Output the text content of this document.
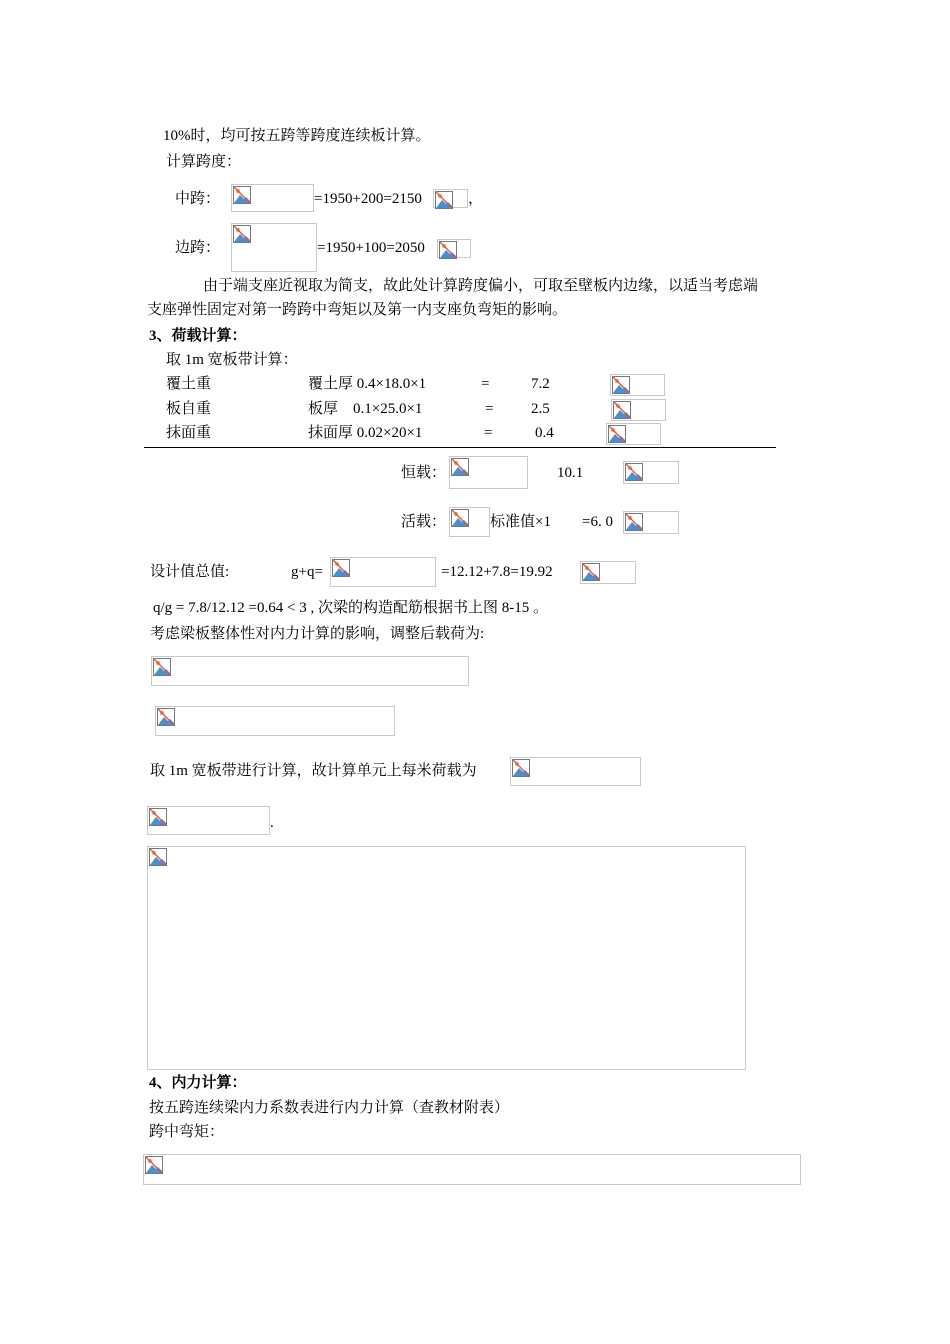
10%时，均可按五跨等跨度连续板计算。
计算跨度：
中跨：	=1950+200=2150	，
边跨：	=1950+100=2050
由于端支座近视取为简支，故此处计算跨度偏小，可取至壁板内边缘，以适当考虑端
支座弹性固定对第一跨跨中弯矩以及第一内支座负弯矩的影响。
3、荷载计算：
取 1m 宽板带计算：
覆土重	覆土厚 0.4×18.0×1	=	7.2
板自重	板厚    0.1×25.0×1	=	2.5
抹面重	抹面厚 0.02×20×1	=	0.4
恒载：	10.1
活载：	标准值×1 =6. 0
设计值总值:	g+q=	=12.12+7.8=19.92
q/g = 7.8/12.12 =0.64 < 3 , 次梁的构造配筋根据书上图 8-15 。
考虑梁板整体性对内力计算的影响，调整后载荷为:
取 1m 宽板带进行计算，故计算单元上每米荷载为
.
4、内力计算：
按五跨连续梁内力系数表进行内力计算（查教材附表）
跨中弯矩：
